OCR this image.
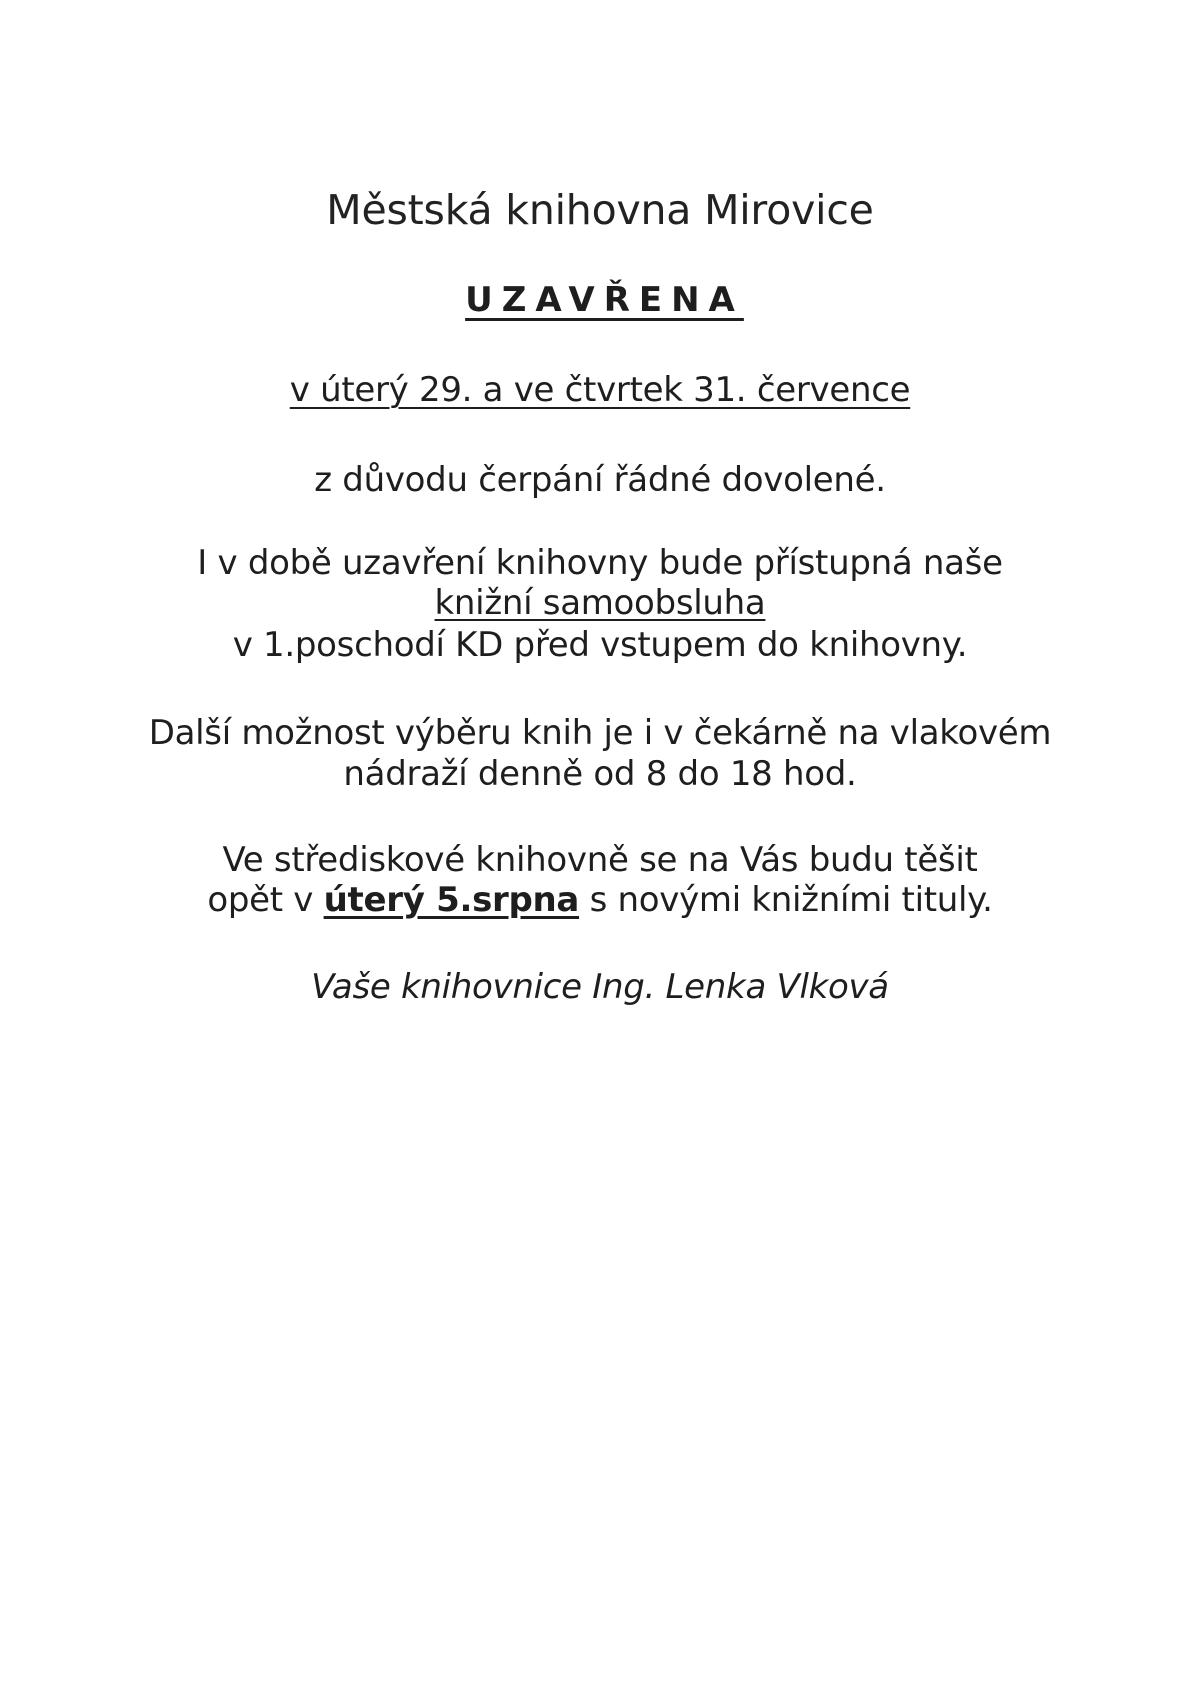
Městská knihovna Mirovice
UZAVŘENA
v úterý 29. a ve čtvrtek 31. července
z důvodu čerpání řádné dovolené.
I v době uzavření knihovny bude přístupná naše
knižní samoobsluha
v 1.poschodí KD před vstupem do knihovny.
Další možnost výběru knih je i v čekárně na vlakovém
nádraží denně od 8 do 18 hod.
Ve střediskové knihovně se na Vás budu těšit
opět v úterý 5.srpna s novými knižními tituly.
Vaše knihovnice Ing. Lenka Vlková
